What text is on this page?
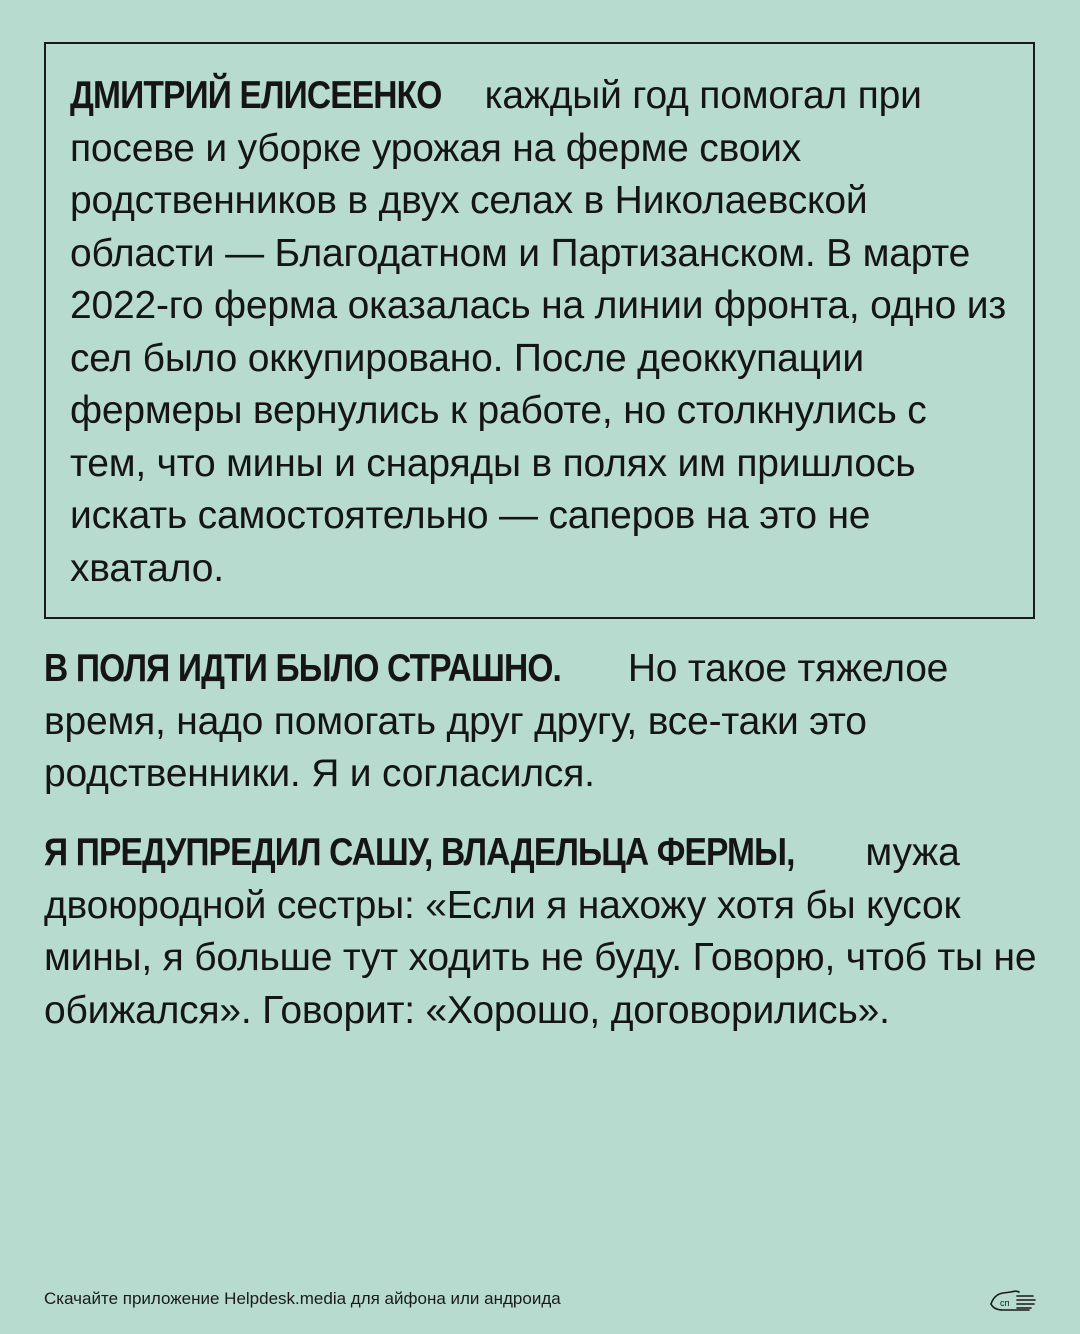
ДМИТРИЙ ЕЛИСЕЕНКО каждый год помогал при посеве и уборке урожая на ферме своих родственников в двух селах в Николаевской области — Благодатном и Партизанском. В марте 2022-го ферма оказалась на линии фронта, одно из сел было оккупировано. После деоккупации фермеры вернулись к работе, но столкнулись с тем, что мины и снаряды в полях им пришлось искать самостоятельно — саперов на это не хватало.

В ПОЛЯ ИДТИ БЫЛО СТРАШНО. Но такое тяжелое время, надо помогать друг другу, все-таки это родственники. Я и согласился.

Я ПРЕДУПРЕДИЛ САШУ, ВЛАДЕЛЬЦА ФЕРМЫ, мужа двоюродной сестры: «Если я нахожу хотя бы кусок мины, я больше тут ходить не буду. Говорю, чтоб ты не обижался». Говорит: «Хорошо, договорились».

Скачайте приложение Helpdesk.media для айфона или андроида	сп
